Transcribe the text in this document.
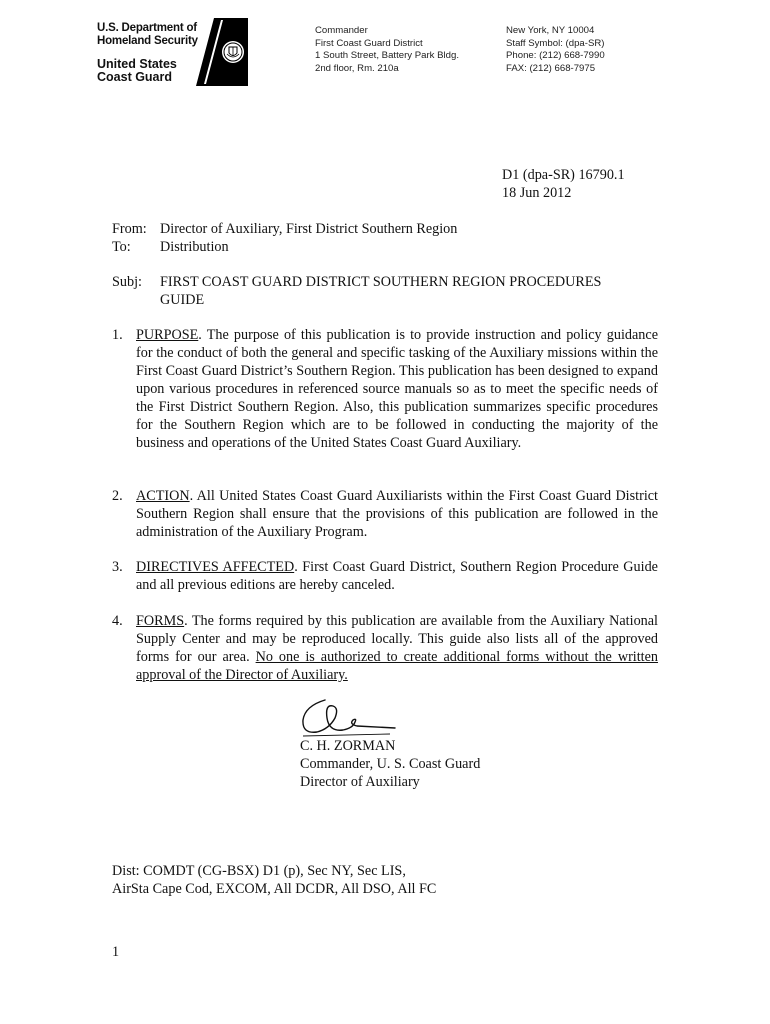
U.S. Department of
Homeland Security
United States
Coast Guard
Commander
First Coast Guard District
1 South Street, Battery Park Bldg.
2nd floor, Rm. 210a
New York, NY 10004
Staff Symbol: (dpa-SR)
Phone: (212) 668-7990
FAX: (212) 668-7975
D1 (dpa-SR) 16790.1
18 Jun 2012
From: Director of Auxiliary, First District Southern Region
To: Distribution
Subj: FIRST COAST GUARD DISTRICT SOUTHERN REGION PROCEDURES
GUIDE
1. PURPOSE. The purpose of this publication is to provide instruction and policy guidance for the conduct of both the general and specific tasking of the Auxiliary missions within the First Coast Guard District’s Southern Region. This publication has been designed to expand upon various procedures in referenced source manuals so as to meet the specific needs of the First District Southern Region. Also, this publication summarizes specific procedures for the Southern Region which are to be followed in conducting the majority of the business and operations of the United States Coast Guard Auxiliary.
2. ACTION. All United States Coast Guard Auxiliarists within the First Coast Guard District Southern Region shall ensure that the provisions of this publication are followed in the administration of the Auxiliary Program.
3. DIRECTIVES AFFECTED. First Coast Guard District, Southern Region Procedure Guide and all previous editions are hereby canceled.
4. FORMS. The forms required by this publication are available from the Auxiliary National Supply Center and may be reproduced locally. This guide also lists all of the approved forms for our area. No one is authorized to create additional forms without the written approval of the Director of Auxiliary.
C. H. ZORMAN
Commander, U. S. Coast Guard
Director of Auxiliary
Dist: COMDT (CG-BSX) D1 (p), Sec NY, Sec LIS,
AirSta Cape Cod, EXCOM, All DCDR, All DSO, All FC
1
